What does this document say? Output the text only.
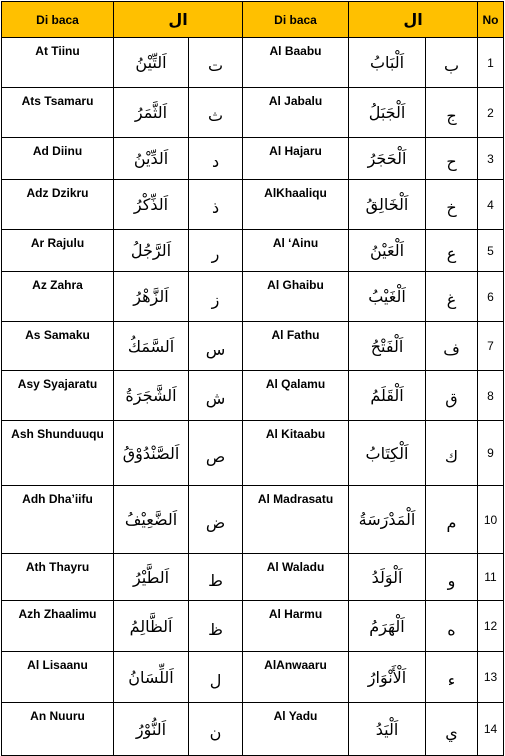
Di baca	ال		Di baca	ال		No
At Tiinu	اَلتِّيْنُ	ت	Al Baabu	اَلْبَابُ	ب	1
Ats Tsamaru	اَلثَّمَرُ	ث	Al Jabalu	اَلْجَبَلُ	ج	2
Ad Diinu	اَلدِّيْنُ	د	Al Hajaru	اَلْحَجَرُ	ح	3
Adz Dzikru	اَلذِّكْرُ	ذ	AlKhaaliqu	اَلْخَالِقُ	خ	4
Ar Rajulu	اَلرَّجُلُ	ر	Al ‘Ainu	اَلْعَيْنُ	ع	5
Az Zahra	اَلزَّهْرُ	ز	Al Ghaibu	اَلْغَيْبُ	غ	6
As Samaku	اَلسَّمَكُ	س	Al Fathu	اَلْفَتْحُ	ف	7
Asy Syajaratu	اَلشَّجَرَةُ	ش	Al Qalamu	اَلْقَلَمُ	ق	8
Ash Shunduuqu	اَلصَّنْدُوْقُ	ص	Al Kitaabu	اَلْكِتَابُ	ك	9
Adh Dha’iifu	اَلضَّعِيْفُ	ض	Al Madrasatu	اَلْمَدْرَسَةُ	م	10
Ath Thayru	اَلطَّيْرُ	ط	Al Waladu	اَلْوَلَدُ	و	11
Azh Zhaalimu	اَلظَّالِمُ	ظ	Al Harmu	اَلْهَرَمُ	ه	12
Al Lisaanu	اَللِّسَانُ	ل	AlAnwaaru	اَلْأَنْوَارُ	ء	13
An Nuuru	اَلنُّوْرُ	ن	Al Yadu	اَلْيَدُ	ي	14
